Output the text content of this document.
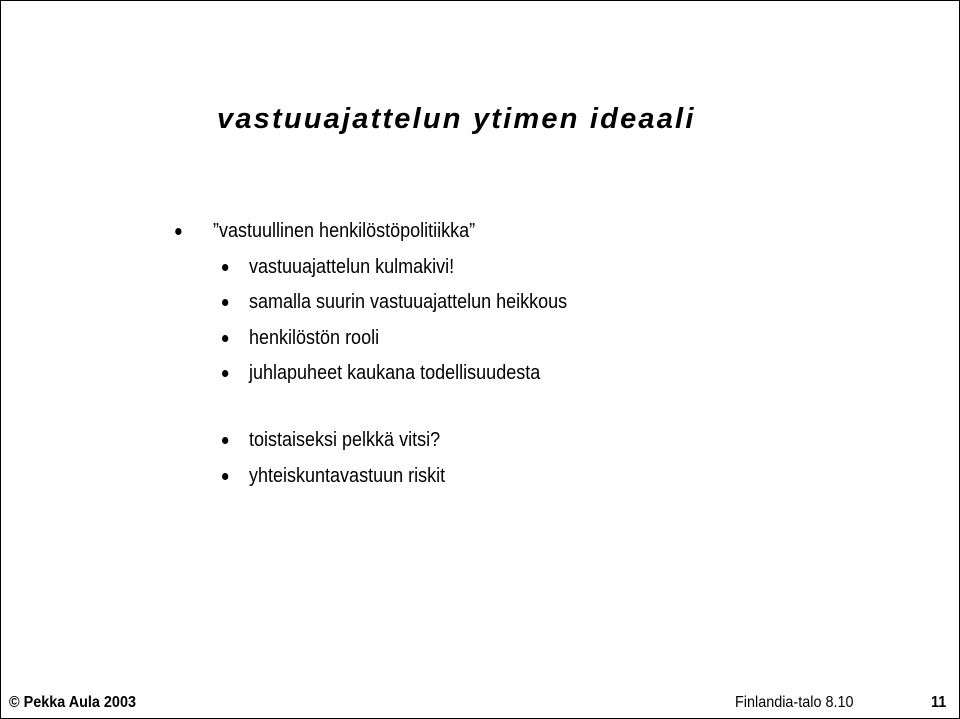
vastuuajattelun ytimen ideaali
”vastuullinen henkilöstöpolitiikka”
vastuuajattelun kulmakivi!
samalla suurin vastuuajattelun heikkous
henkilöstön rooli
juhlapuheet kaukana todellisuudesta
toistaiseksi pelkkä vitsi?
yhteiskuntavastuun riskit
© Pekka Aula 2003	Finlandia-talo 8.10	11
